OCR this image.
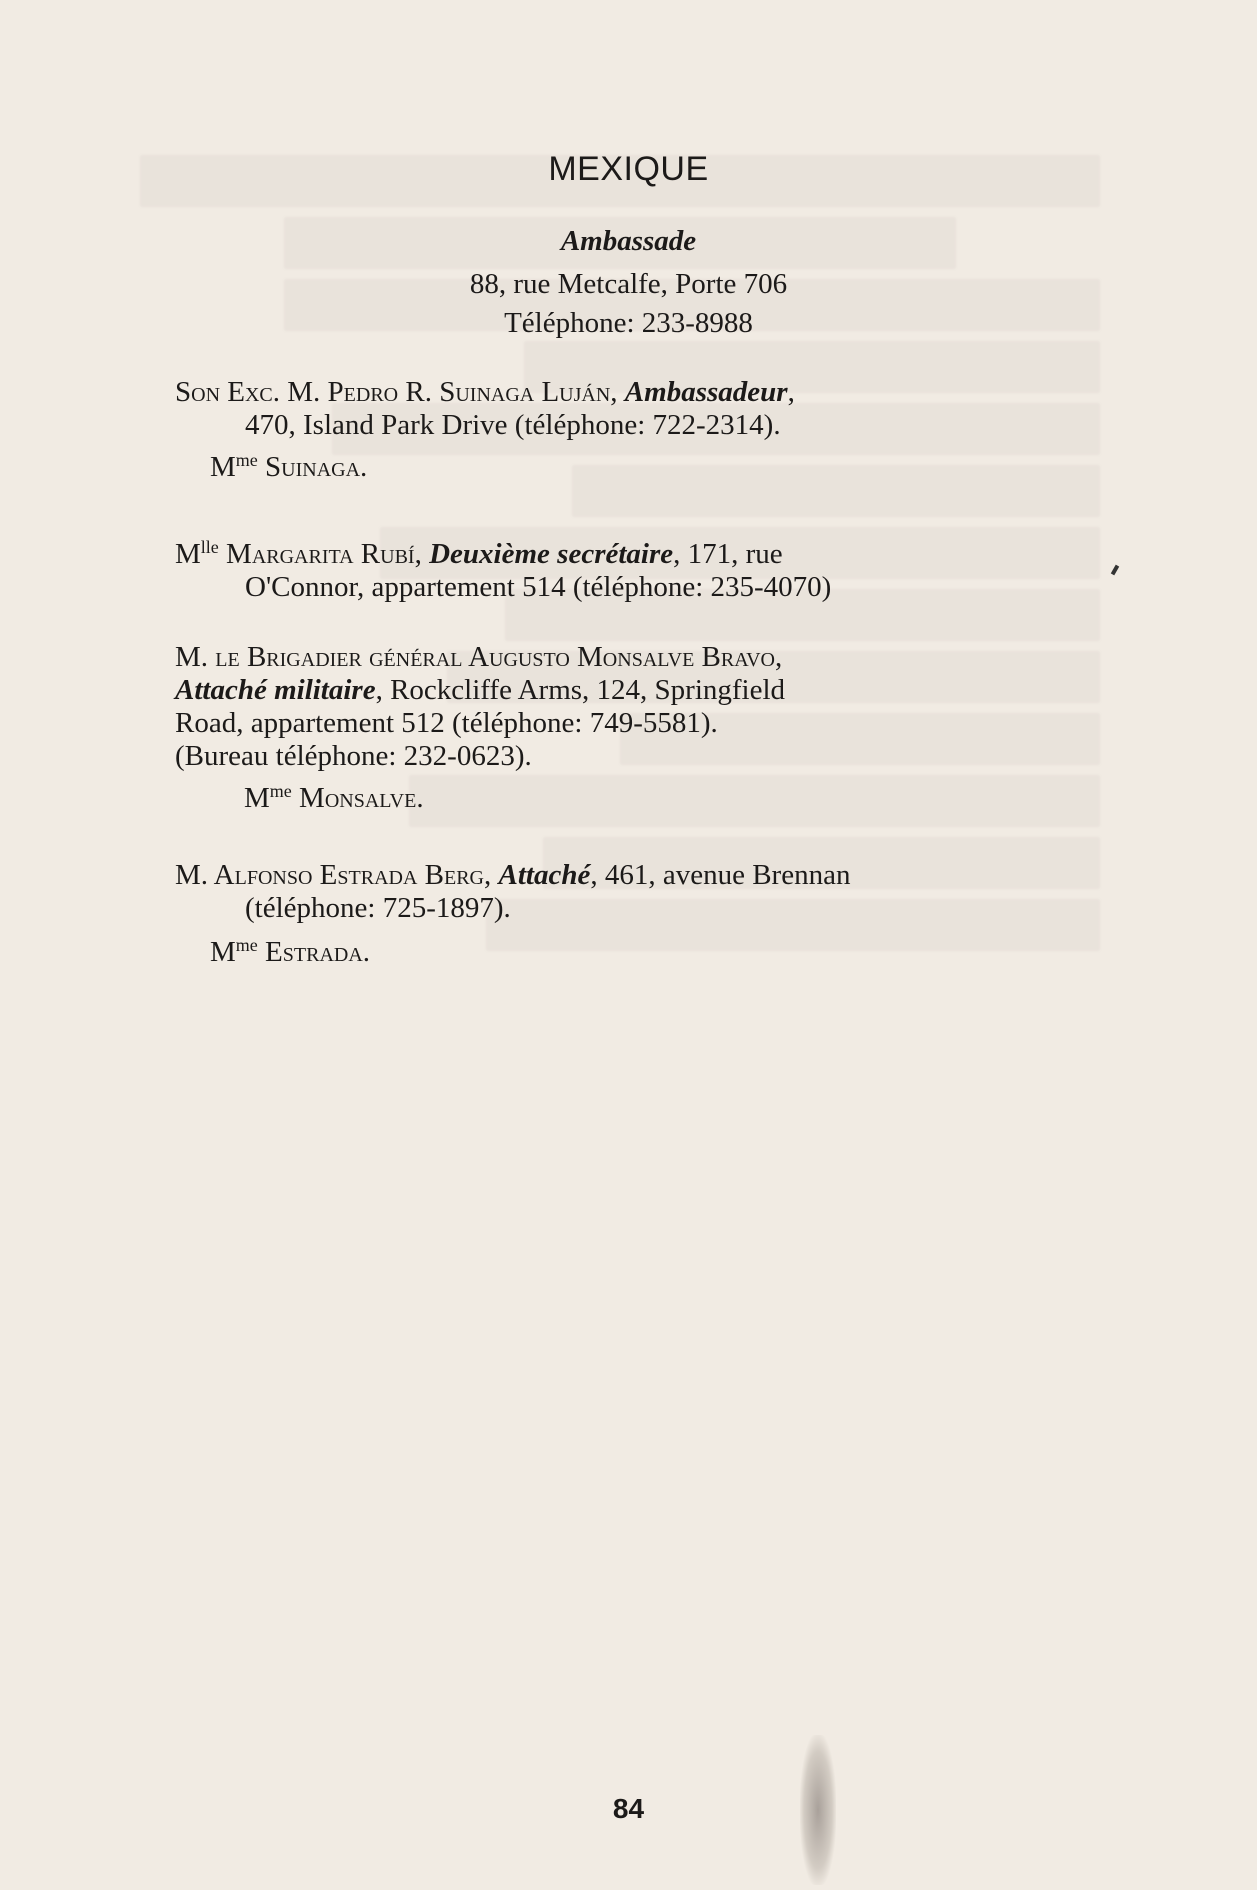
MEXIQUE
Ambassade
88, rue Metcalfe, Porte 706
Téléphone: 233-8988

Son Exc. M. Pedro R. Suinaga Luján, Ambassadeur,
470, Island Park Drive (téléphone: 722-2314).

$M^{me}$ Suinaga.

$M^{lle}$ Margarita Rubí, Deuxième secrétaire, 171, rue
O'Connor, appartement 514 (téléphone: 235-4070)

M. le Brigadier général Augusto Monsalve Bravo,

Attaché militaire, Rockcliffe Arms, 124, Springfield
Road, appartement 512 (téléphone: 749-5581).
(Bureau téléphone: 232-0623).

$M^{me}$ Monsalve.

M. Alfonso Estrada Berg, Attaché, 461, avenue Brennan
(téléphone: 725-1897).

$M^{me}$ Estrada.
84
